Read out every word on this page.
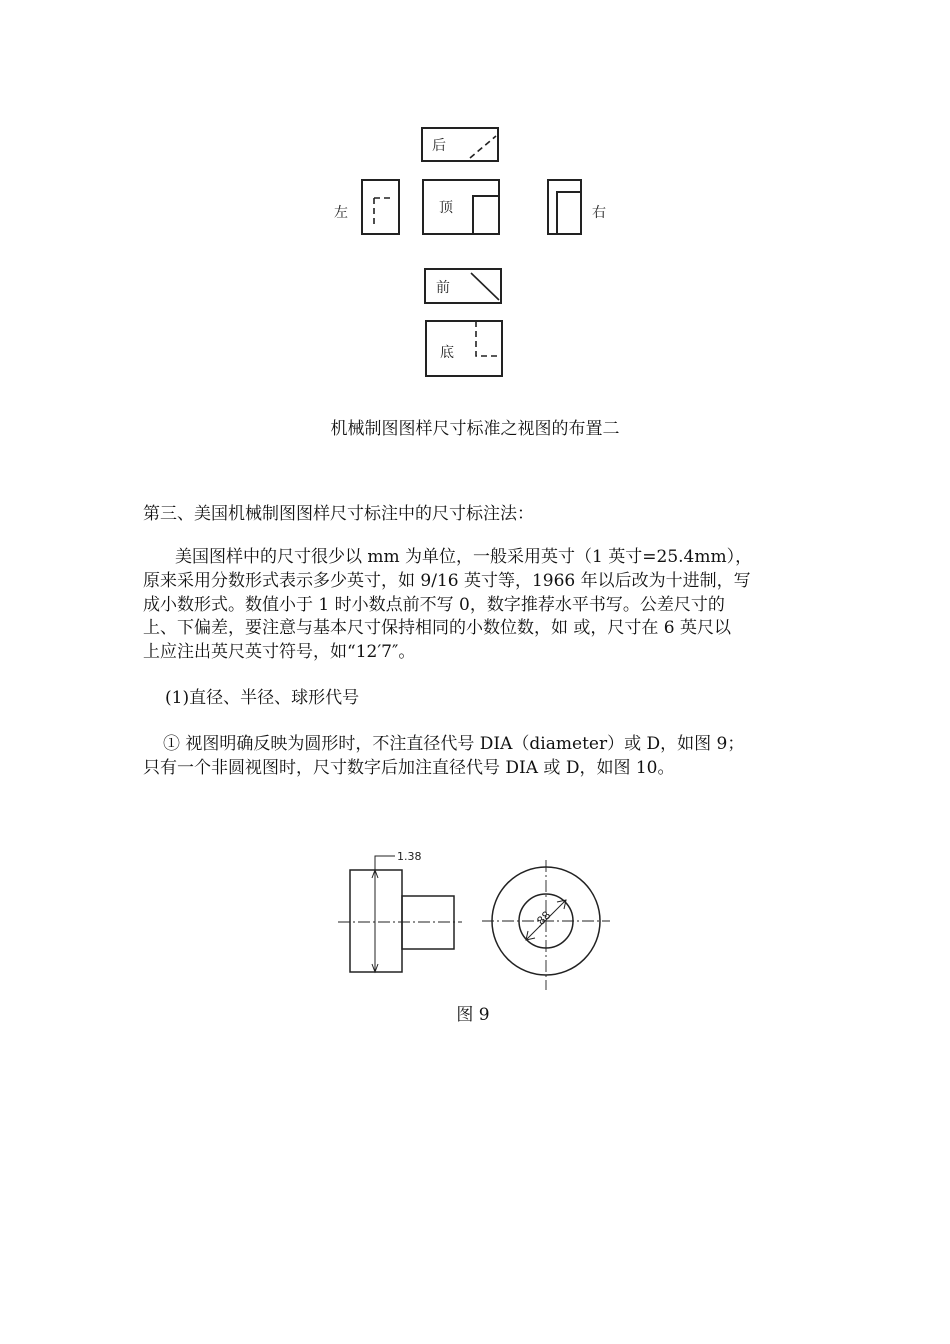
后
左	顶	右
前
底
机械制图图样尺寸标准之视图的布置二
第三、美国机械制图图样尺寸标注中的尺寸标注法：
美国图样中的尺寸很少以 mm 为单位，一般采用英寸（1 英寸=25.4mm），
原来采用分数形式表示多少英寸，如 9/16 英寸等，1966 年以后改为十进制，写
成小数形式。数值小于 1 时小数点前不写 0，数字推荐水平书写。公差尺寸的
上、下偏差，要注意与基本尺寸保持相同的小数位数，如 或，尺寸在 6 英尺以
上应注出英尺英寸符号，如“12′7″。
(1)直径、半径、球形代号
① 视图明确反映为圆形时，不注直径代号 DIA（diameter）或 D，如图 9；
只有一个非圆视图时，尺寸数字后加注直径代号 DIA 或 D，如图 10。
1.38
.88
图 9
